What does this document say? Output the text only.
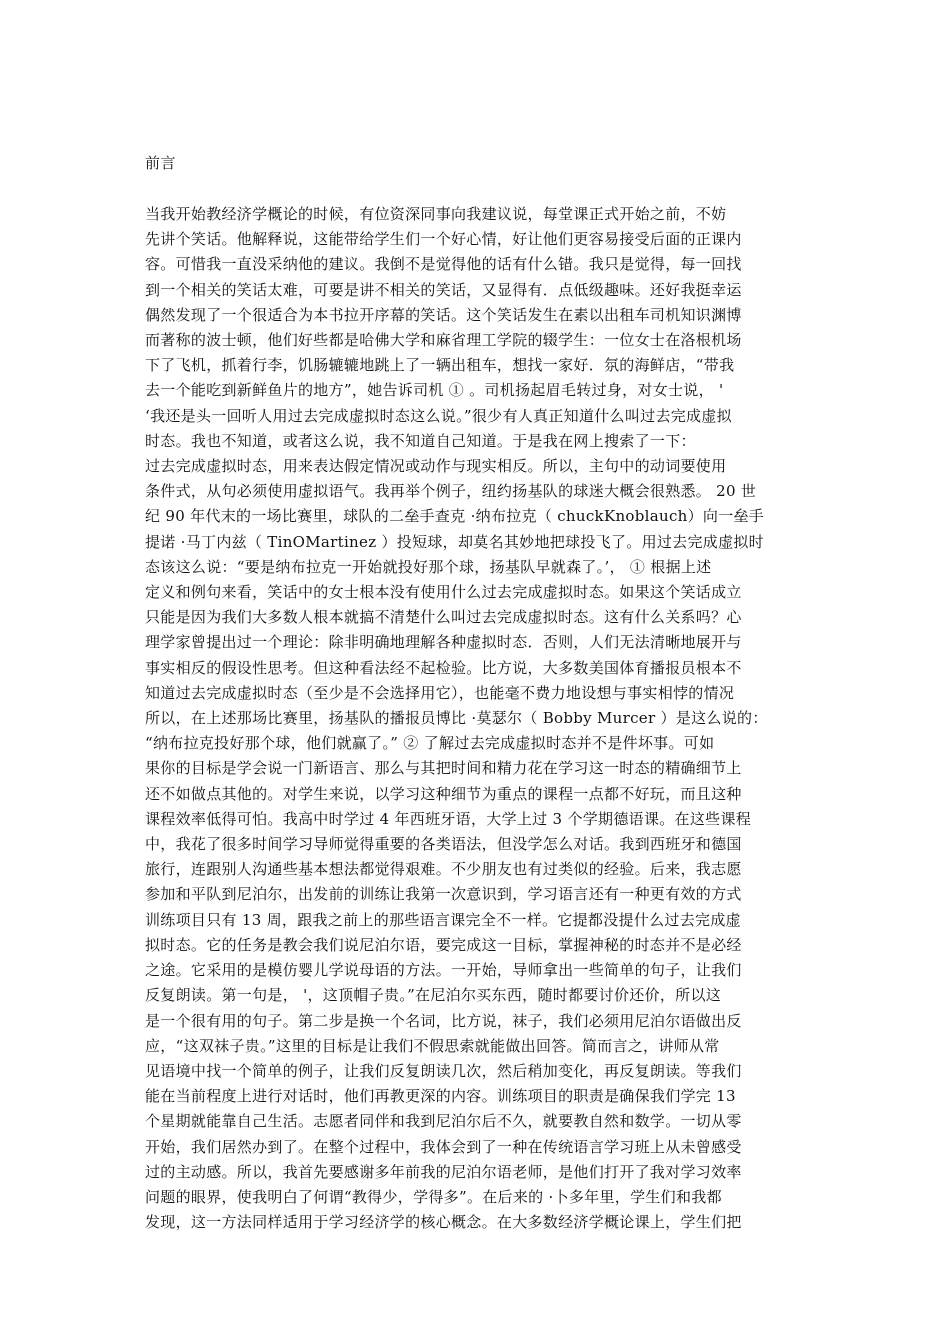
前言
当我开始教经济学概论的时候，有位资深同事向我建议说，每堂课正式开始之前，不妨
先讲个笑话。他解释说，这能带给学生们一个好心情，好让他们更容易接受后面的正课内
容。可惜我一直没采纳他的建议。我倒不是觉得他的话有什么错。我只是觉得，每一回找
到一个相关的笑话太难，可要是讲不相关的笑话，又显得有．点低级趣味。还好我挺幸运
偶然发现了一个很适合为本书拉开序幕的笑话。这个笑话发生在素以出租车司机知识渊博
而著称的波士顿，他们好些都是哈佛大学和麻省理工学院的辍学生：一位女士在洛根机场
下了飞机，抓着行李，饥肠辘辘地跳上了一辆出租车，想找一家好．氛的海鲜店，“带我
去一个能吃到新鲜鱼片的地方”，她告诉司机 ① 。司机扬起眉毛转过身，对女士说， '
‘我还是头一回听人用过去完成虚拟时态这么说。”很少有人真正知道什么叫过去完成虚拟
时态。我也不知道，或者这么说，我不知道自己知道。于是我在网上搜索了一下：
过去完成虚拟时态，用来表达假定情况或动作与现实相反。所以，主句中的动词要使用
条件式，从句必须使用虚拟语气。我再举个例子，纽约扬基队的球迷大概会很熟悉。 20 世
纪 90 年代末的一场比赛里，球队的二垒手查克 ·纳布拉克（ chuckKnoblauch）向一垒手
提诺 ·马丁内兹（ TinOMartinez ）投短球，却莫名其妙地把球投飞了。用过去完成虚拟时
态该这么说：“要是纳布拉克一开始就投好那个球，扬基队早就森了。’， ① 根据上述
定义和例句来看，笑话中的女士根本没有使用什么过去完成虚拟时态。如果这个笑话成立
只能是因为我们大多数人根本就搞不清楚什么叫过去完成虚拟时态。这有什么关系吗？心
理学家曾提出过一个理论：除非明确地理解各种虚拟时态．否则，人们无法清晰地展开与
事实相反的假设性思考。但这种看法经不起检验。比方说，大多数美国体育播报员根本不
知道过去完成虚拟时态（至少是不会选择用它），也能毫不费力地设想与事实相悖的情况
所以，在上述那场比赛里，扬基队的播报员博比 ·莫瑟尔（ Bobby Murcer ）是这么说的：
“纳布拉克投好那个球，他们就赢了。” ② 了解过去完成虚拟时态并不是件坏事。可如
果你的目标是学会说一门新语言、那么与其把时间和精力花在学习这一时态的精确细节上
还不如做点其他的。对学生来说，以学习这种细节为重点的课程一点都不好玩，而且这种
课程效率低得可怕。我高中时学过 4 年西班牙语，大学上过 3 个学期德语课。在这些课程
中，我花了很多时间学习导师觉得重要的各类语法，但没学怎么对话。我到西班牙和德国
旅行，连跟别人沟通些基本想法都觉得艰难。不少朋友也有过类似的经验。后来，我志愿
参加和平队到尼泊尔，出发前的训练让我第一次意识到，学习语言还有一种更有效的方式
训练项目只有 13 周，跟我之前上的那些语言课完全不一样。它提都没提什么过去完成虚
拟时态。它的任务是教会我们说尼泊尔语，要完成这一目标，掌握神秘的时态并不是必经
之途。它采用的是模仿婴儿学说母语的方法。一开始，导师拿出一些简单的句子，让我们
反复朗读。第一句是， '，这顶帽子贵。”在尼泊尔买东西，随时都要讨价还价，所以这
是一个很有用的句子。第二步是换一个名词，比方说，袜子，我们必须用尼泊尔语做出反
应，“这双袜子贵。”这里的目标是让我们不假思索就能做出回答。简而言之，讲师从常
见语境中找一个简单的例子，让我们反复朗读几次，然后稍加变化，再反复朗读。等我们
能在当前程度上进行对话时，他们再教更深的内容。训练项目的职责是确保我们学完 13
个星期就能靠自己生活。志愿者同伴和我到尼泊尔后不久，就要教自然和数学。一切从零
开始，我们居然办到了。在整个过程中，我体会到了一种在传统语言学习班上从未曾感受
过的主动感。所以，我首先要感谢多年前我的尼泊尔语老师，是他们打开了我对学习效率
问题的眼界，使我明白了何谓“教得少，学得多”。在后来的 ·卜多年里，学生们和我都
发现，这一方法同样适用于学习经济学的核心概念。在大多数经济学概论课上，学生们把
